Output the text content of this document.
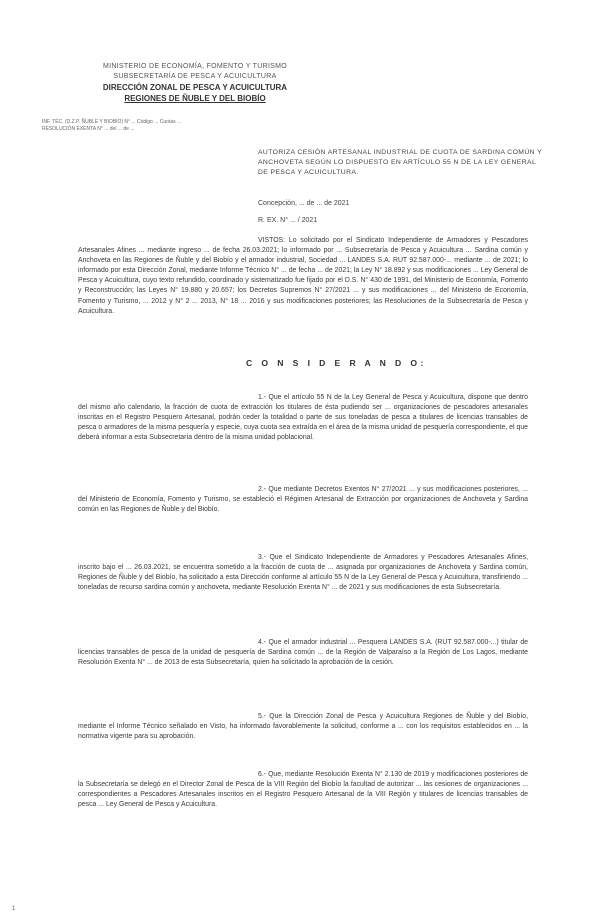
MINISTERIO DE ECONOMÍA, FOMENTO Y TURISMO
SUBSECRETARÍA DE PESCA Y ACUICULTURA
DIRECCIÓN ZONAL DE PESCA Y ACUICULTURA
REGIONES DE ÑUBLE Y DEL BIOBÍO
INF. TÉC. (D.Z.P. ÑUBLE Y BIOBÍO) N° ... Código ... Cuotas ...
RESOLUCIÓN EXENTA N° ... del ... de ...
AUTORIZA CESIÓN ARTESANAL INDUSTRIAL DE CUOTA DE SARDINA COMÚN Y ANCHOVETA SEGÚN LO DISPUESTO EN ARTÍCULO 55 N DE LA LEY GENERAL DE PESCA Y ACUICULTURA.
Concepción, ... de ... de 2021
R. EX. N° ... / 2021
VISTOS: Lo solicitado por el Sindicato Independiente de Armadores y Pescadores Artesanales Afines ... mediante ingreso ... de fecha 26.03.2021; lo informado por ... Subsecretaría de Pesca y Acuicultura ... Sardina común y Anchoveta en las Regiones de Ñuble y del Biobío y el armador industrial, Sociedad ... LANDES S.A. RUT 92.587.000-... mediante ... de 2021; lo informado por esta Dirección Zonal, mediante Informe Técnico N° ... de fecha ... de 2021; la Ley N° 18.892 y sus modificaciones ... Ley General de Pesca y Acuicultura, cuyo texto refundido, coordinado y sistematizado fue fijado por el D.S. N° 430 de 1991, del Ministerio de Economía, Fomento y Reconstrucción; las Leyes N° 19.880 y 20.657; los Decretos Supremos N° 27/2021 ... y sus modificaciones ... del Ministerio de Economía, Fomento y Turismo, ... 2012 y N° 2 ... 2013, N° 18 ... 2016 y sus modificaciones posteriores; las Resoluciones de la Subsecretaría de Pesca y Acuicultura.
C O N S I D E R A N D O:
1.- Que el artículo 55 N de la Ley General de Pesca y Acuicultura, dispone que dentro del mismo año calendario, la fracción de cuota de extracción los titulares de ésta pudiendo ser ... organizaciones de pescadores artesanales inscritas en el Registro Pesquero Artesanal, podrán ceder la totalidad o parte de sus toneladas de pesca a titulares de licencias transables de pesca o armadores de la misma pesquería y especie, cuya cuota sea extraída en el área de la misma unidad de pesquería correspondiente, el que deberá informar a esta Subsecretaría dentro de la misma unidad poblacional.
2.- Que mediante Decretos Exentos N° 27/2021 ... y sus modificaciones posteriores, ... del Ministerio de Economía, Fomento y Turismo, se estableció el Régimen Artesanal de Extracción por organizaciones de Anchoveta y Sardina común en las Regiones de Ñuble y del Biobío.
3.- Que el Sindicato Independiente de Armadores y Pescadores Artesanales Afines, inscrito bajo el ... 26.03.2021, se encuentra sometido a la fracción de cuota de ... asignada por organizaciones de Anchoveta y Sardina común, Regiones de Ñuble y del Biobío, ha solicitado a esta Dirección conforme al artículo 55 N de la Ley General de Pesca y Acuicultura, transfiriendo ... toneladas de recurso sardina común y anchoveta, mediante Resolución Exenta N° ... de 2021 y sus modificaciones de esta Subsecretaría.
4.- Que el armador industrial ... Pesquera LANDES S.A. (RUT 92.587.000-...) titular de licencias transables de pesca de la unidad de pesquería de Sardina común ... de la Región de Valparaíso a la Región de Los Lagos, mediante Resolución Exenta N° ... de 2013 de esta Subsecretaría, quien ha solicitado la aprobación de la cesión.
5.- Que la Dirección Zonal de Pesca y Acuicultura Regiones de Ñuble y del Biobío, mediante el Informe Técnico señalado en Visto, ha informado favorablemente la solicitud, conforme a ... con los requisitos establecidos en ... la normativa vigente para su aprobación.
6.- Que, mediante Resolución Exenta N° 2.130 de 2019 y modificaciones posteriores de la Subsecretaría se delegó en el Director Zonal de Pesca de la VIII Región del Biobío la facultad de autorizar ... las cesiones de organizaciones ... correspondientes a Pescadores Artesanales inscritos en el Registro Pesquero Artesanal de la VIII Región y titulares de licencias transables de pesca ... Ley General de Pesca y Acuicultura.
1
